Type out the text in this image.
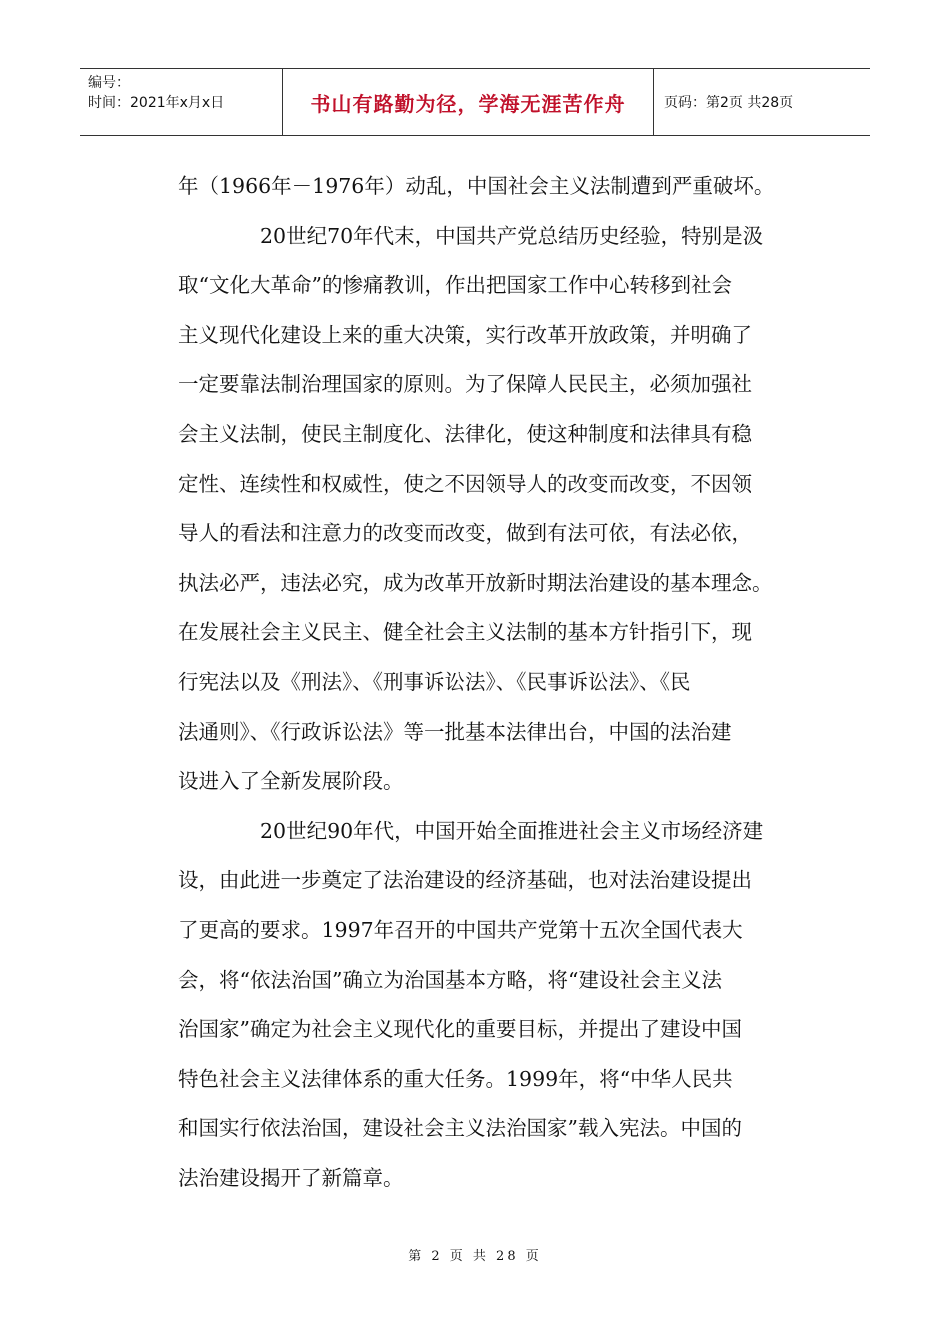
编号：
时间：2021年x月x日	书山有路勤为径，学海无涯苦作舟	页码：第2页 共28页
年（1966年－1976年）动乱，中国社会主义法制遭到严重破坏。
20世纪70年代末，中国共产党总结历史经验，特别是汲
取“文化大革命”的惨痛教训，作出把国家工作中心转移到社会
主义现代化建设上来的重大决策，实行改革开放政策，并明确了
一定要靠法制治理国家的原则。为了保障人民民主，必须加强社
会主义法制，使民主制度化、法律化，使这种制度和法律具有稳
定性、连续性和权威性，使之不因领导人的改变而改变，不因领
导人的看法和注意力的改变而改变，做到有法可依，有法必依，
执法必严，违法必究，成为改革开放新时期法治建设的基本理念。
在发展社会主义民主、健全社会主义法制的基本方针指引下，现
行宪法以及《刑法》、《刑事诉讼法》、《民事诉讼法》、《民
法通则》、《行政诉讼法》等一批基本法律出台，中国的法治建
设进入了全新发展阶段。
20世纪90年代，中国开始全面推进社会主义市场经济建
设，由此进一步奠定了法治建设的经济基础，也对法治建设提出
了更高的要求。1997年召开的中国共产党第十五次全国代表大
会，将“依法治国”确立为治国基本方略，将“建设社会主义法
治国家”确定为社会主义现代化的重要目标，并提出了建设中国
特色社会主义法律体系的重大任务。1999年，将“中华人民共
和国实行依法治国，建设社会主义法治国家”载入宪法。中国的
法治建设揭开了新篇章。
第 2 页 共 28 页
